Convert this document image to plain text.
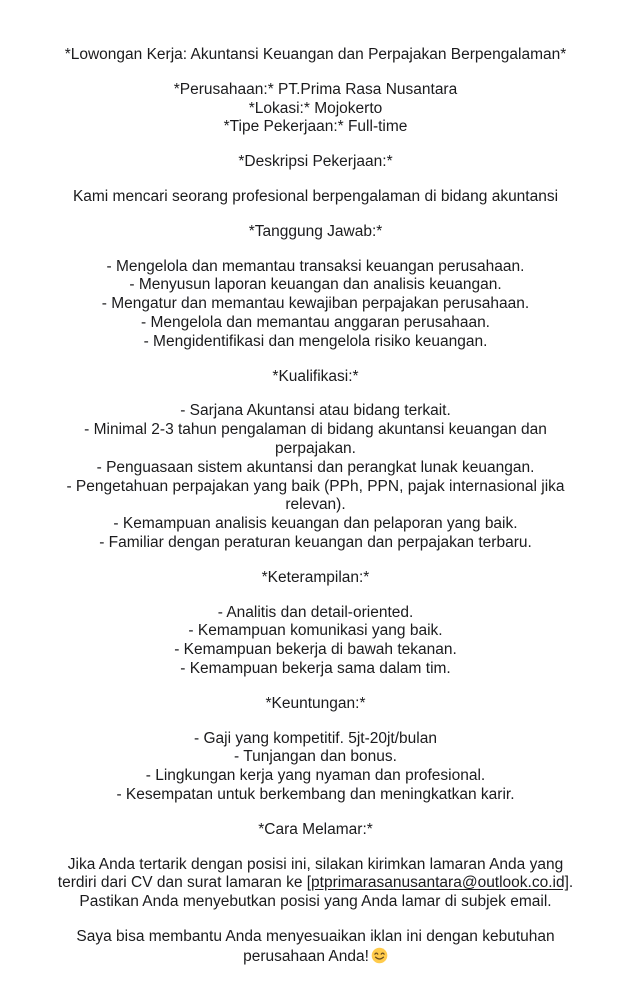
*Lowongan Kerja: Akuntansi Keuangan dan Perpajakan Berpengalaman*

*Perusahaan:* PT.Prima Rasa Nusantara
*Lokasi:* Mojokerto
*Tipe Pekerjaan:* Full-time

*Deskripsi Pekerjaan:*

Kami mencari seorang profesional berpengalaman di bidang akuntansi

*Tanggung Jawab:*

- Mengelola dan memantau transaksi keuangan perusahaan.
- Menyusun laporan keuangan dan analisis keuangan.
- Mengatur dan memantau kewajiban perpajakan perusahaan.
- Mengelola dan memantau anggaran perusahaan.
- Mengidentifikasi dan mengelola risiko keuangan.

*Kualifikasi:*

- Sarjana Akuntansi atau bidang terkait.
- Minimal 2-3 tahun pengalaman di bidang akuntansi keuangan dan perpajakan.
- Penguasaan sistem akuntansi dan perangkat lunak keuangan.
- Pengetahuan perpajakan yang baik (PPh, PPN, pajak internasional jika relevan).
- Kemampuan analisis keuangan dan pelaporan yang baik.
- Familiar dengan peraturan keuangan dan perpajakan terbaru.

*Keterampilan:*

- Analitis dan detail-oriented.
- Kemampuan komunikasi yang baik.
- Kemampuan bekerja di bawah tekanan.
- Kemampuan bekerja sama dalam tim.

*Keuntungan:*

- Gaji yang kompetitif. 5jt-20jt/bulan
- Tunjangan dan bonus.
- Lingkungan kerja yang nyaman dan profesional.
- Kesempatan untuk berkembang dan meningkatkan karir.

*Cara Melamar:*

Jika Anda tertarik dengan posisi ini, silakan kirimkan lamaran Anda yang terdiri dari CV dan surat lamaran ke [ptprimarasanusantara@outlook.co.id]. Pastikan Anda menyebutkan posisi yang Anda lamar di subjek email.

Saya bisa membantu Anda menyesuaikan iklan ini dengan kebutuhan perusahaan Anda!
